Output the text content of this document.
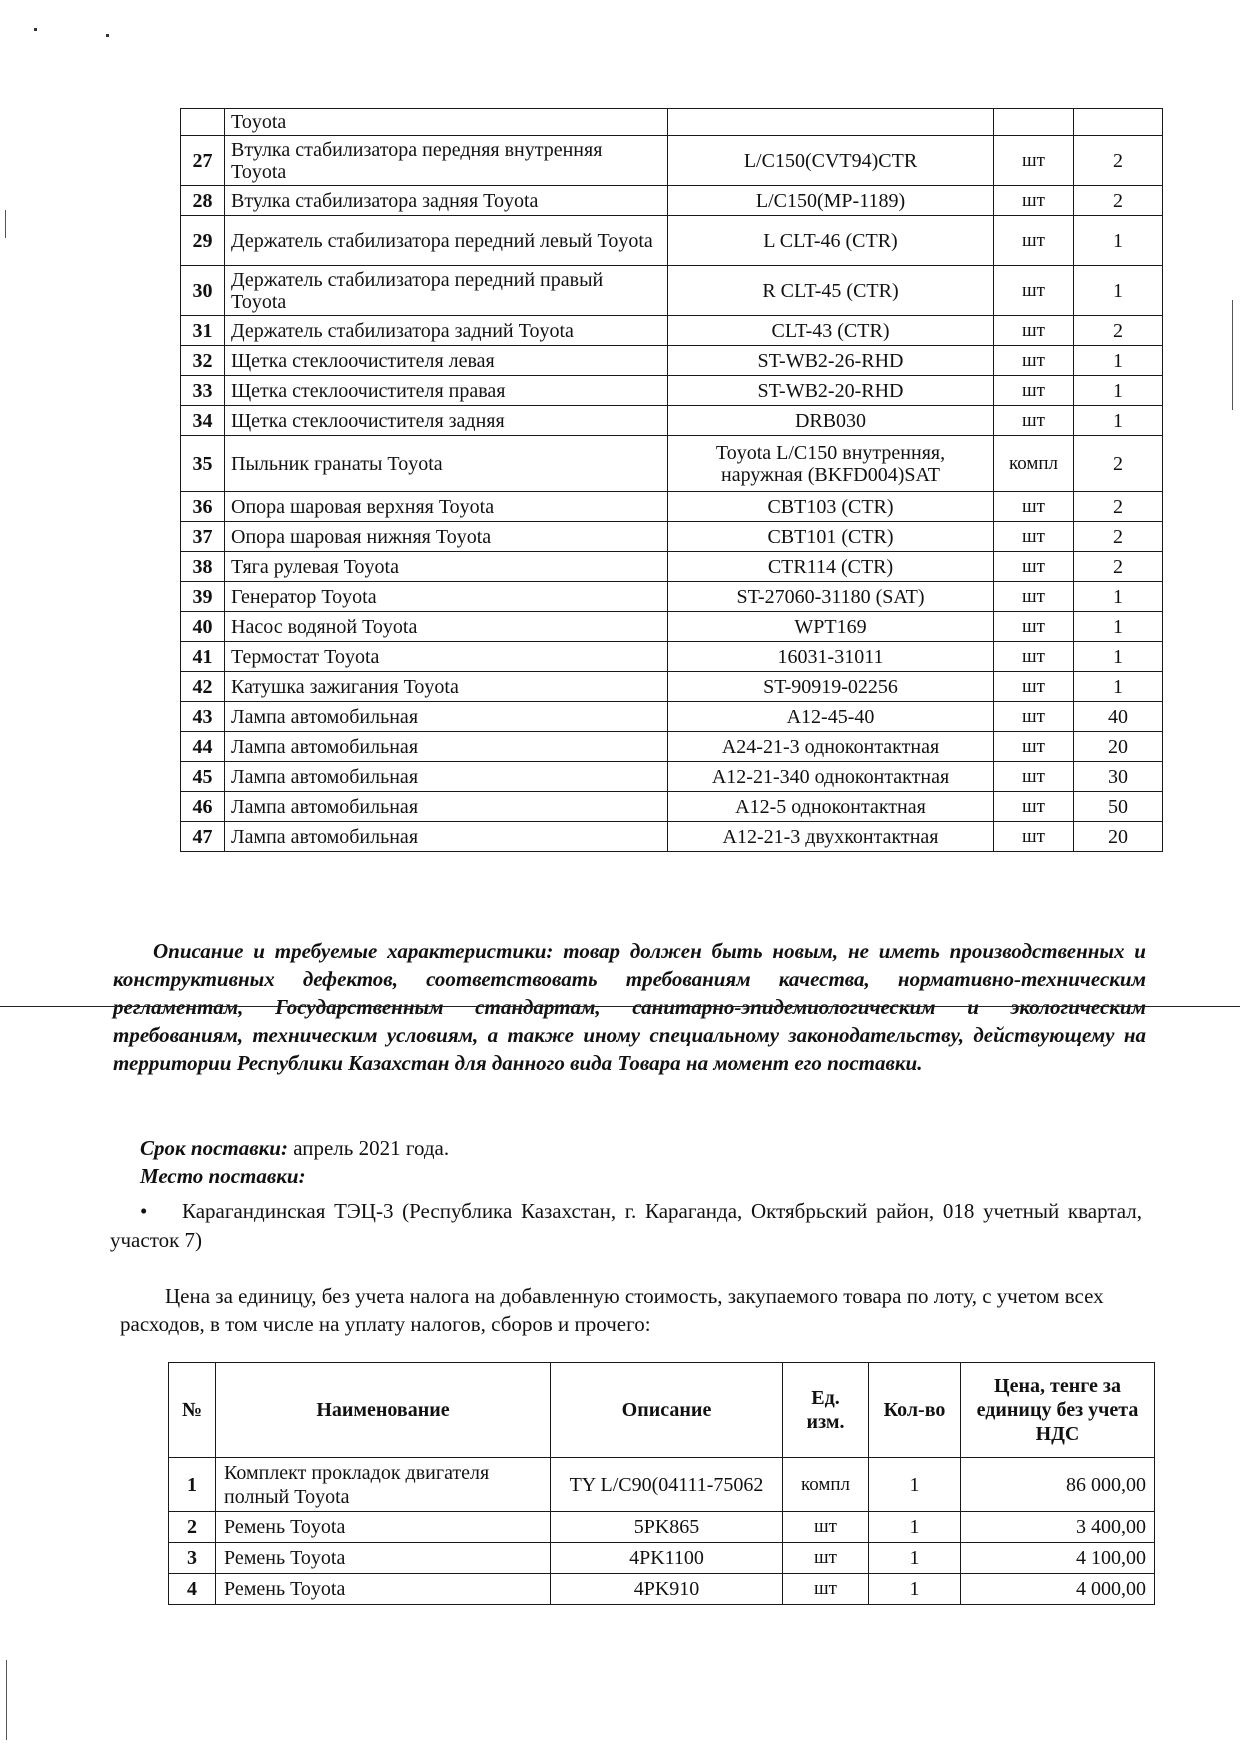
	Toyota			
27	Втулка стабилизатора передняя внутренняя Toyota	L/C150(CVT94)CTR	шт	2
28	Втулка стабилизатора задняя Toyota	L/C150(MP-1189)	шт	2
29	Держатель стабилизатора передний левый Toyota	L CLT-46 (CTR)	шт	1
30	Держатель стабилизатора передний правый Toyota	R CLT-45 (CTR)	шт	1
31	Держатель стабилизатора задний Toyota	CLT-43 (CTR)	шт	2
32	Щетка стеклоочистителя левая	ST-WB2-26-RHD	шт	1
33	Щетка стеклоочистителя правая	ST-WB2-20-RHD	шт	1
34	Щетка стеклоочистителя задняя	DRB030	шт	1
35	Пыльник гранаты Toyota	Toyota L/C150 внутренняя, наружная (BKFD004)SAT	компл	2
36	Опора шаровая верхняя Toyota	CBT103 (CTR)	шт	2
37	Опора шаровая нижняя Toyota	CBT101 (CTR)	шт	2
38	Тяга рулевая Toyota	CTR114 (CTR)	шт	2
39	Генератор Toyota	ST-27060-31180 (SAT)	шт	1
40	Насос водяной Toyota	WPT169	шт	1
41	Термостат Toyota	16031-31011	шт	1
42	Катушка зажигания Toyota	ST-90919-02256	шт	1
43	Лампа автомобильная	A12-45-40	шт	40
44	Лампа автомобильная	A24-21-3 одноконтактная	шт	20
45	Лампа автомобильная	A12-21-340 одноконтактная	шт	30
46	Лампа автомобильная	A12-5 одноконтактная	шт	50
47	Лампа автомобильная	A12-21-3 двухконтактная	шт	20

Описание и требуемые характеристики: товар должен быть новым, не иметь производственных и конструктивных дефектов, соответствовать требованиям качества, нормативно-техническим регламентам, Государственным стандартам, санитарно-эпидемиологическим и экологическим требованиям, техническим условиям, а также иному специальному законодательству, действующему на территории Республики Казахстан для данного вида Товара на момент его поставки.

Срок поставки: апрель 2021 года.
Место поставки:

• Карагандинская ТЭЦ-3 (Республика Казахстан, г. Караганда, Октябрьский район, 018 учетный квартал, участок 7)

Цена за единицу, без учета налога на добавленную стоимость, закупаемого товара по лоту, с учетом всех расходов, в том числе на уплату налогов, сборов и прочего:

№	Наименование	Описание	Ед. изм.	Кол-во	Цена, тенге за единицу без учета НДС
1	Комплект прокладок двигателя полный Toyota	TY L/C90(04111-75062	компл	1	86 000,00
2	Ремень Toyota	5PK865	шт	1	3 400,00
3	Ремень Toyota	4PK1100	шт	1	4 100,00
4	Ремень Toyota	4PK910	шт	1	4 000,00
